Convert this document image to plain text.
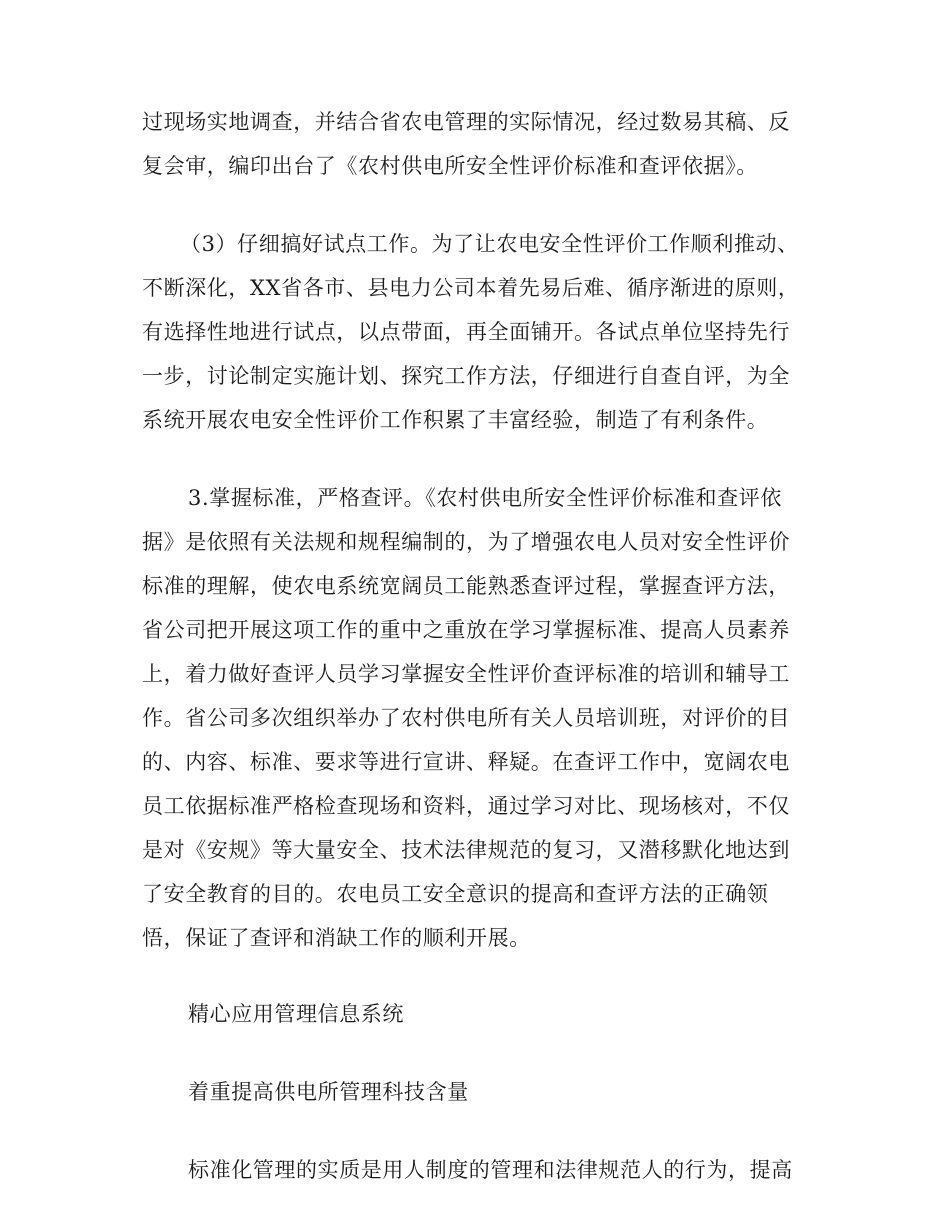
过现场实地调查，并结合省农电管理的实际情况，经过数易其稿、反
复会审，编印出台了《农村供电所安全性评价标准和查评依据》。
（3）仔细搞好试点工作。为了让农电安全性评价工作顺利推动、
不断深化，XX省各市、县电力公司本着先易后难、循序渐进的原则，
有选择性地进行试点，以点带面，再全面铺开。各试点单位坚持先行
一步，讨论制定实施计划、探究工作方法，仔细进行自查自评，为全
系统开展农电安全性评价工作积累了丰富经验，制造了有利条件。
3.掌握标准，严格查评。《农村供电所安全性评价标准和查评依
据》是依照有关法规和规程编制的，为了增强农电人员对安全性评价
标准的理解，使农电系统宽阔员工能熟悉查评过程，掌握查评方法，
省公司把开展这项工作的重中之重放在学习掌握标准、提高人员素养
上，着力做好查评人员学习掌握安全性评价查评标准的培训和辅导工
作。省公司多次组织举办了农村供电所有关人员培训班，对评价的目
的、内容、标准、要求等进行宣讲、释疑。在查评工作中，宽阔农电
员工依据标准严格检查现场和资料，通过学习对比、现场核对，不仅
是对《安规》等大量安全、技术法律规范的复习，又潜移默化地达到
了安全教育的目的。农电员工安全意识的提高和查评方法的正确领
悟，保证了查评和消缺工作的顺利开展。
精心应用管理信息系统
着重提高供电所管理科技含量
标准化管理的实质是用人制度的管理和法律规范人的行为，提高
